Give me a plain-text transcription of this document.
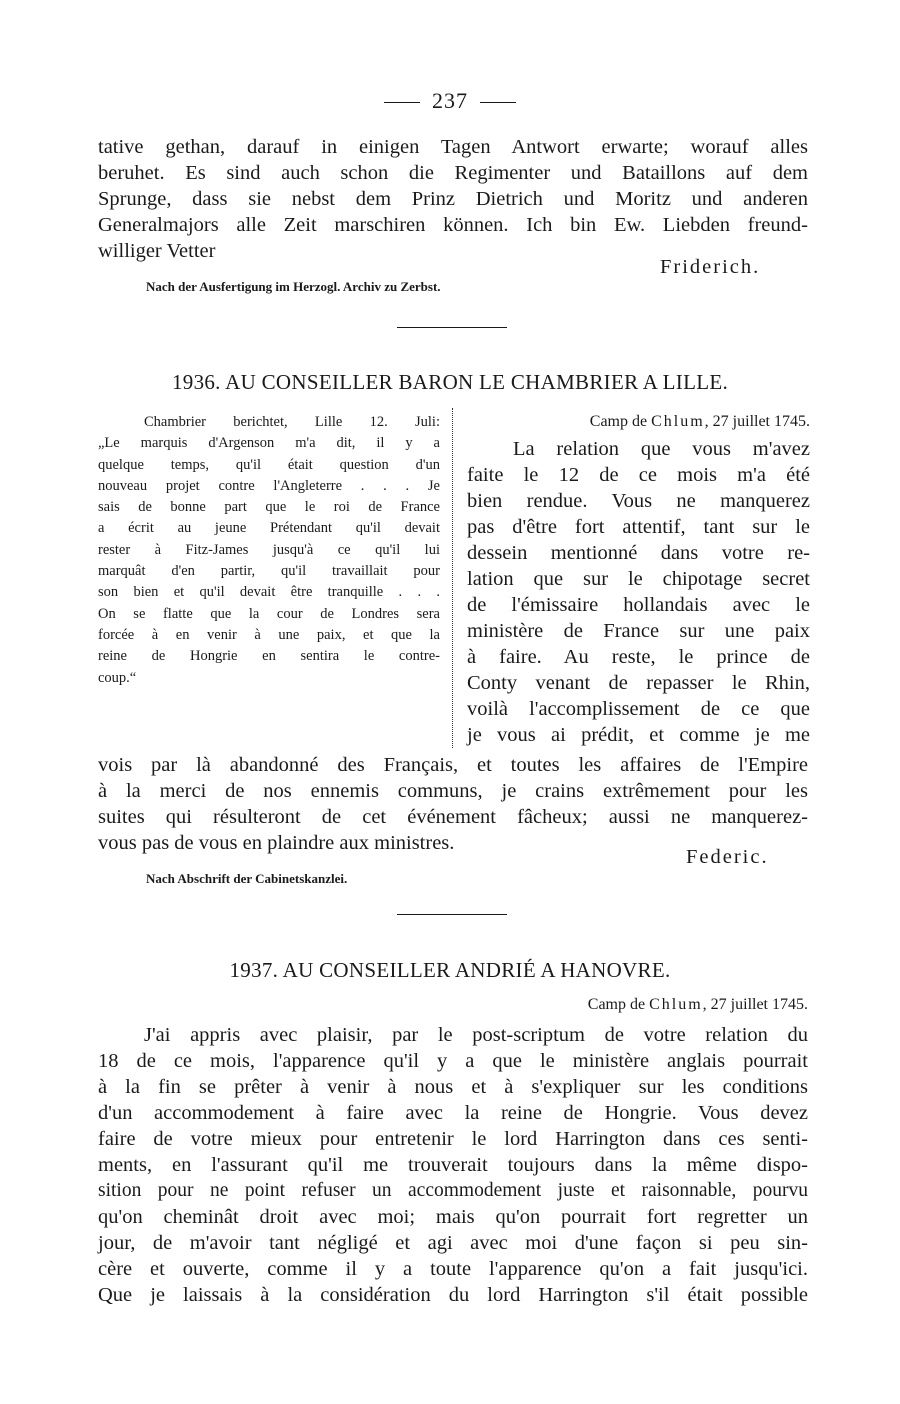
237
tative gethan, darauf in einigen Tagen Antwort erwarte; worauf alles
beruhet. Es sind auch schon die Regimenter und Bataillons auf dem
Sprunge, dass sie nebst dem Prinz Dietrich und Moritz und anderen
Generalmajors alle Zeit marschiren können. Ich bin Ew. Liebden freund-
williger Vetter
Friderich.
Nach der Ausfertigung im Herzogl. Archiv zu Zerbst.
1936. AU CONSEILLER BARON LE CHAMBRIER A LILLE.
Chambrier berichtet, Lille 12. Juli:
„Le marquis d'Argenson m'a dit, il y a
quelque temps, qu'il était question d'un
nouveau projet contre l'Angleterre . . . Je
sais de bonne part que le roi de France
a écrit au jeune Prétendant qu'il devait
rester à Fitz-James jusqu'à ce qu'il lui
marquât d'en partir, qu'il travaillait pour
son bien et qu'il devait être tranquille . . .
On se flatte que la cour de Londres sera
forcée à en venir à une paix, et que la
reine de Hongrie en sentira le contre-
coup.“
Camp de Chlum, 27 juillet 1745.
La relation que vous m'avez
faite le 12 de ce mois m'a été
bien rendue. Vous ne manquerez
pas d'être fort attentif, tant sur le
dessein mentionné dans votre re-
lation que sur le chipotage secret
de l'émissaire hollandais avec le
ministère de France sur une paix
à faire. Au reste, le prince de
Conty venant de repasser le Rhin,
voilà l'accomplissement de ce que
je vous ai prédit, et comme je me
vois par là abandonné des Français, et toutes les affaires de l'Empire
à la merci de nos ennemis communs, je crains extrêmement pour les
suites qui résulteront de cet événement fâcheux; aussi ne manquerez-
vous pas de vous en plaindre aux ministres.
Federic.
Nach Abschrift der Cabinetskanzlei.
1937. AU CONSEILLER ANDRIÉ A HANOVRE.
Camp de Chlum, 27 juillet 1745.
J'ai appris avec plaisir, par le post-scriptum de votre relation du
18 de ce mois, l'apparence qu'il y a que le ministère anglais pourrait
à la fin se prêter à venir à nous et à s'expliquer sur les conditions
d'un accommodement à faire avec la reine de Hongrie. Vous devez
faire de votre mieux pour entretenir le lord Harrington dans ces senti-
ments, en l'assurant qu'il me trouverait toujours dans la même dispo-
sition pour ne point refuser un accommodement juste et raisonnable, pourvu
qu'on cheminât droit avec moi; mais qu'on pourrait fort regretter un
jour, de m'avoir tant négligé et agi avec moi d'une façon si peu sin-
cère et ouverte, comme il y a toute l'apparence qu'on a fait jusqu'ici.
Que je laissais à la considération du lord Harrington s'il était possible
